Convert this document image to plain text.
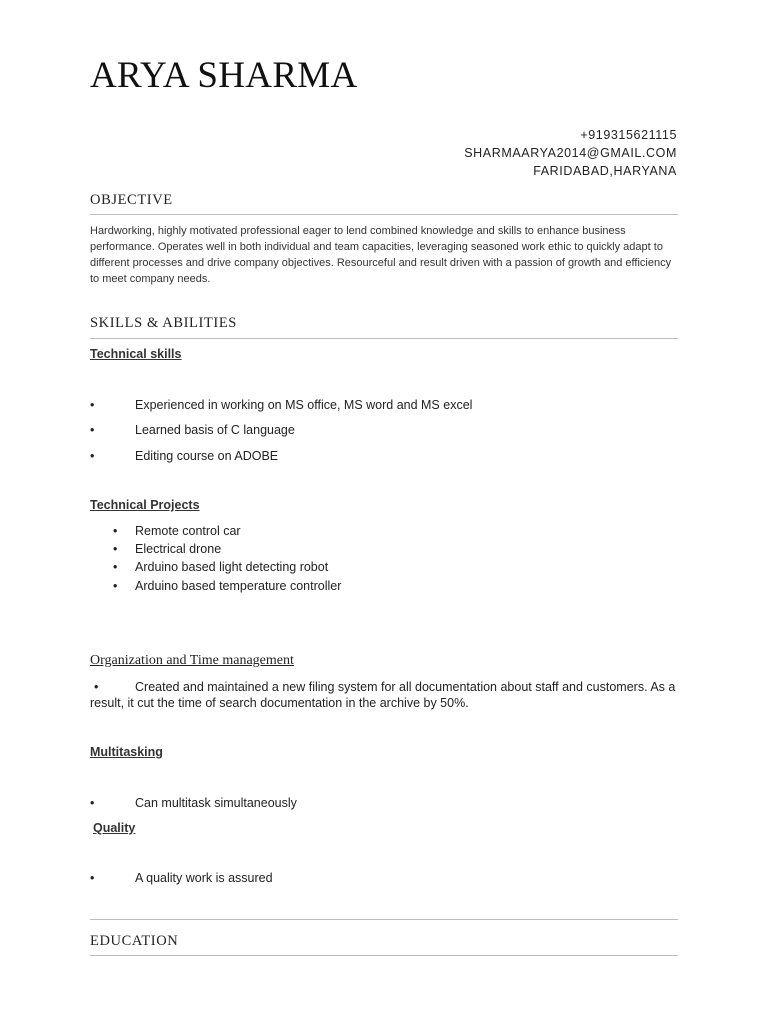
ARYA SHARMA
+919315621115
SHARMAARYA2014@GMAIL.COM
FARIDABAD,HARYANA
OBJECTIVE
Hardworking, highly motivated professional eager to lend combined knowledge and skills to enhance business performance. Operates well in both individual and team capacities, leveraging seasoned work ethic to quickly adapt to different processes and drive company objectives. Resourceful and result driven with a passion of growth and efficiency to meet company needs.
SKILLS & ABILITIES
Technical skills
•	Experienced in working on MS office, MS word and MS excel
•	Learned basis of C language
•	Editing course on ADOBE
Technical Projects
• Remote control car
• Electrical drone
• Arduino based light detecting robot
• Arduino based temperature controller
Organization and Time management
•	Created and maintained a new filing system for all documentation about staff and customers. As a result, it cut the time of search documentation in the archive by 50%.
Multitasking
•	Can multitask simultaneously
Quality
•	A quality work is assured
EDUCATION
